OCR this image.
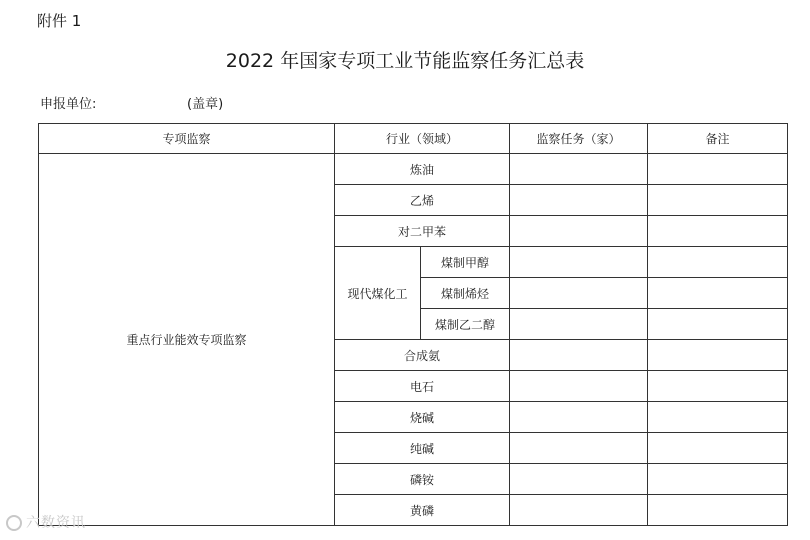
附件 1
2022 年国家专项工业节能监察任务汇总表
申报单位:	(盖章)
专项监察	行业（领域）		监察任务（家）	备注
重点行业能效专项监察	炼油			
	乙烯			
	对二甲苯			
	现代煤化工	煤制甲醇		
		煤制烯烃		
		煤制乙二醇		
	合成氨			
	电石			
	烧碱			
	纯碱			
	磷铵			
	黄磷			
六数资讯
